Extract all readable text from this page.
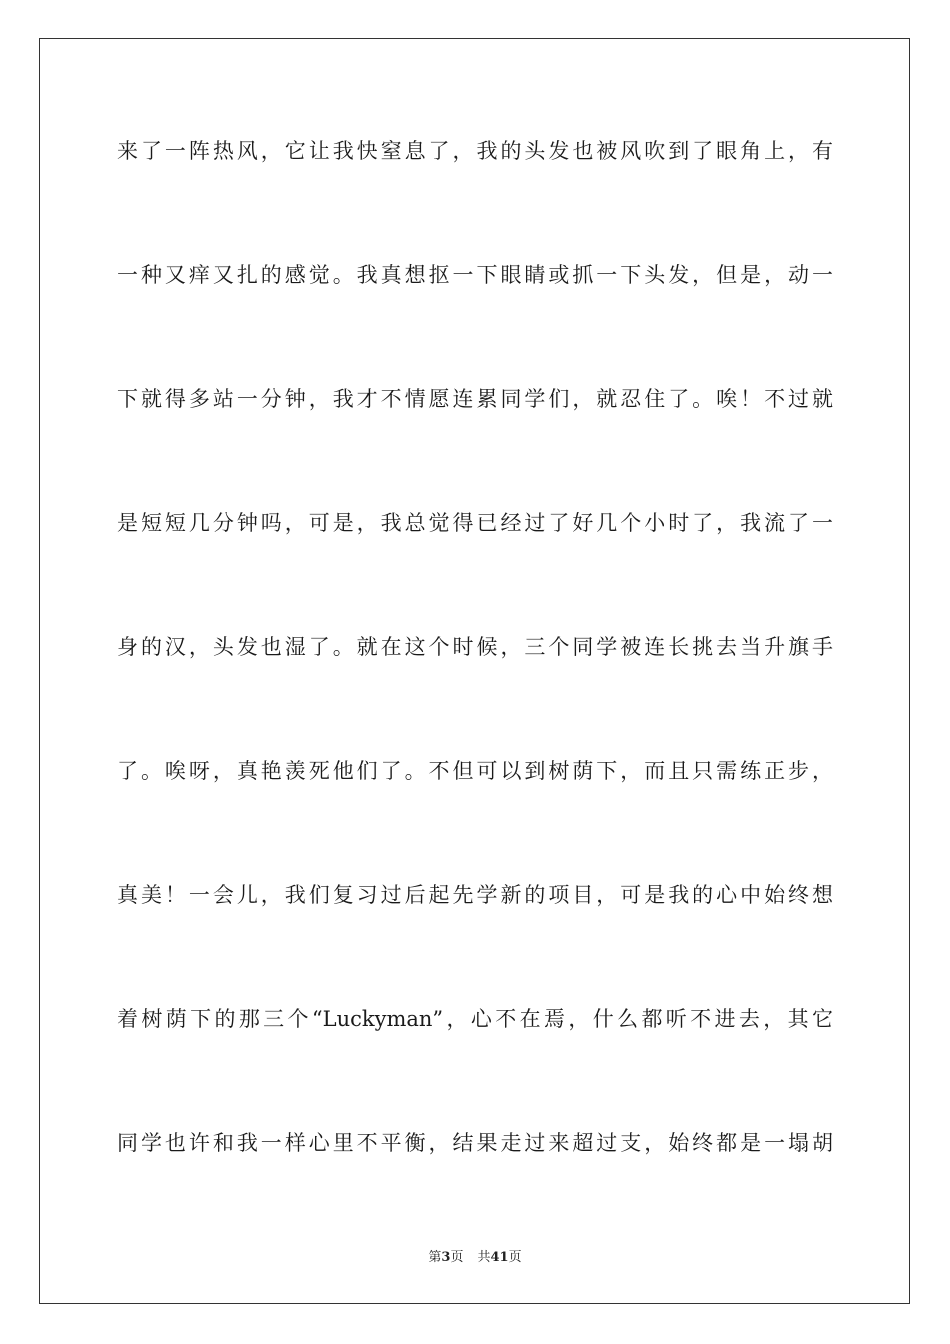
来了一阵热风，它让我快窒息了，我的头发也被风吹到了眼角上，有
一种又痒又扎的感觉。我真想抠一下眼睛或抓一下头发，但是，动一
下就得多站一分钟，我才不情愿连累同学们，就忍住了。唉！不过就
是短短几分钟吗，可是，我总觉得已经过了好几个小时了，我流了一
身的汉，头发也湿了。就在这个时候，三个同学被连长挑去当升旗手
了。唉呀，真艳羡死他们了。不但可以到树荫下，而且只需练正步，
真美！一会儿，我们复习过后起先学新的项目，可是我的心中始终想
着树荫下的那三个“Luckyman”，心不在焉，什么都听不进去，其它
同学也许和我一样心里不平衡，结果走过来超过支，始终都是一塌胡
第3页 共41页
